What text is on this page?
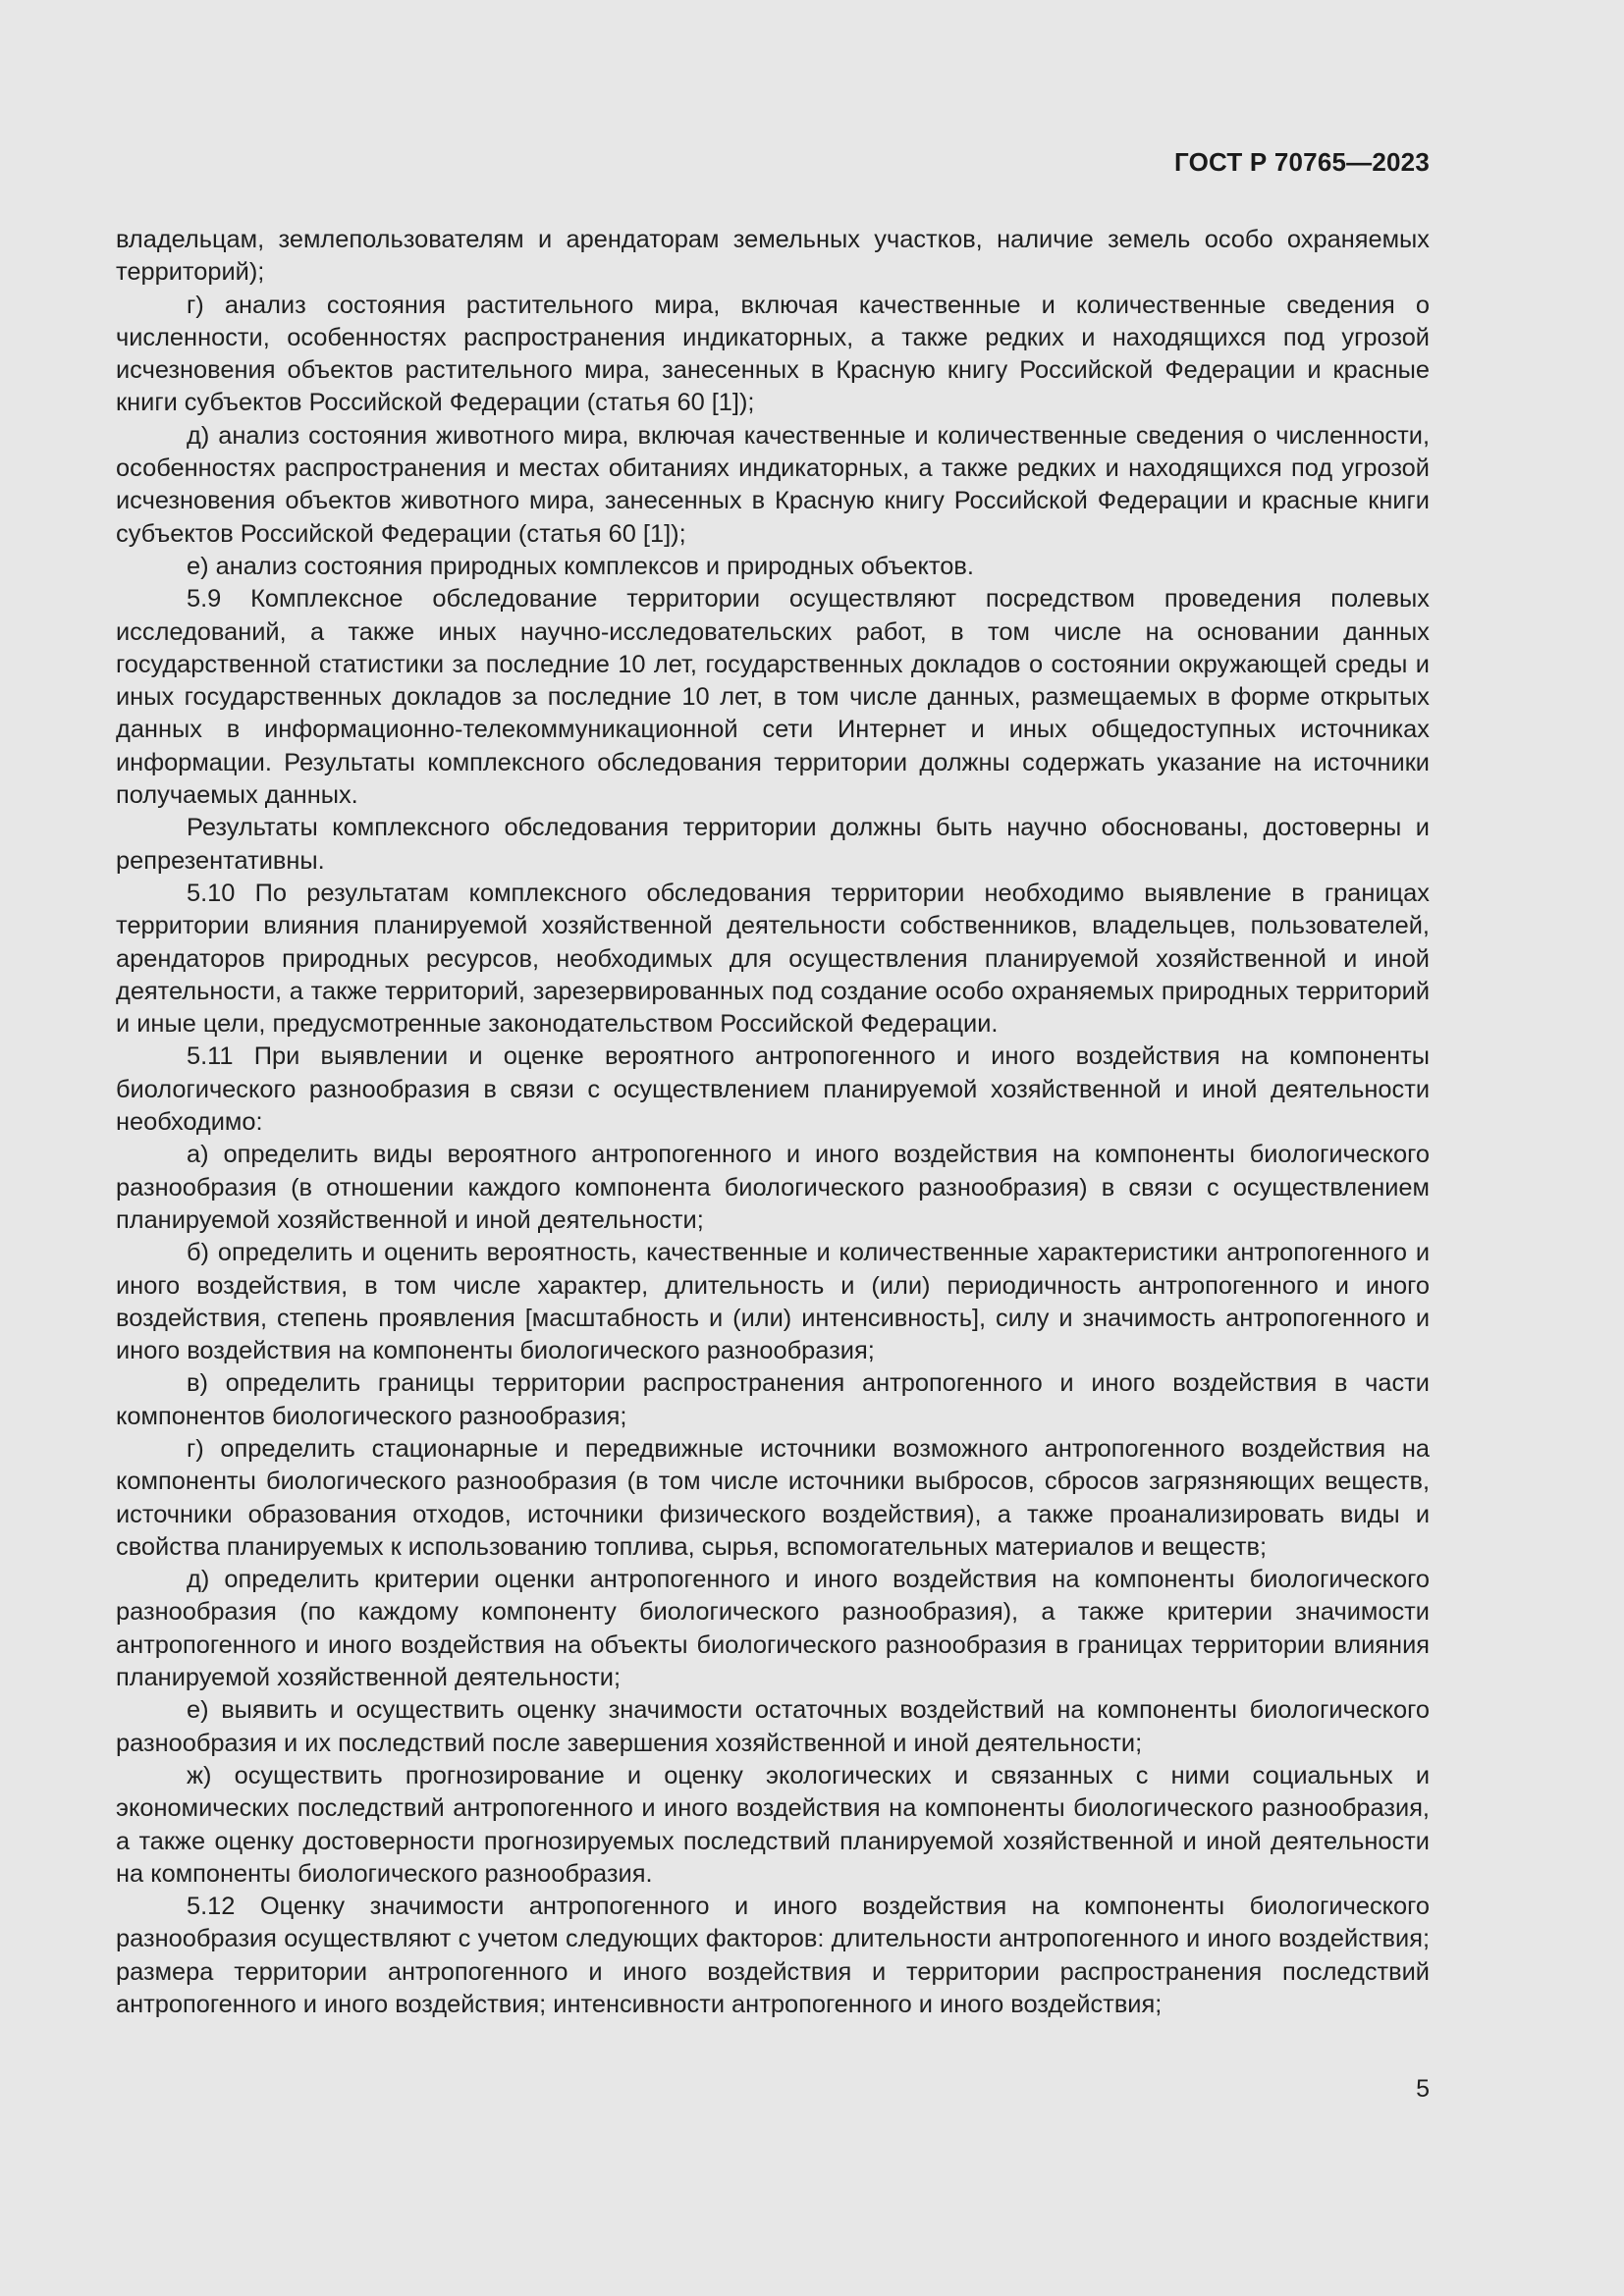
ГОСТ Р 70765—2023

владельцам, землепользователям и арендаторам земельных участков, наличие земель особо охраняемых территорий);

г) анализ состояния растительного мира, включая качественные и количественные сведения о численности, особенностях распространения индикаторных, а также редких и находящихся под угрозой исчезновения объектов растительного мира, занесенных в Красную книгу Российской Федерации и красные книги субъектов Российской Федерации (статья 60 [1]);

д) анализ состояния животного мира, включая качественные и количественные сведения о численности, особенностях распространения и местах обитаниях индикаторных, а также редких и находящихся под угрозой исчезновения объектов животного мира, занесенных в Красную книгу Российской Федерации и красные книги субъектов Российской Федерации (статья 60 [1]);

е) анализ состояния природных комплексов и природных объектов.

5.9 Комплексное обследование территории осуществляют посредством проведения полевых исследований, а также иных научно-исследовательских работ, в том числе на основании данных государственной статистики за последние 10 лет, государственных докладов о состоянии окружающей среды и иных государственных докладов за последние 10 лет, в том числе данных, размещаемых в форме открытых данных в информационно-телекоммуникационной сети Интернет и иных общедоступных источниках информации. Результаты комплексного обследования территории должны содержать указание на источники получаемых данных.

Результаты комплексного обследования территории должны быть научно обоснованы, достоверны и репрезентативны.

5.10 По результатам комплексного обследования территории необходимо выявление в границах территории влияния планируемой хозяйственной деятельности собственников, владельцев, пользователей, арендаторов природных ресурсов, необходимых для осуществления планируемой хозяйственной и иной деятельности, а также территорий, зарезервированных под создание особо охраняемых природных территорий и иные цели, предусмотренные законодательством Российской Федерации.

5.11 При выявлении и оценке вероятного антропогенного и иного воздействия на компоненты биологического разнообразия в связи с осуществлением планируемой хозяйственной и иной деятельности необходимо:

а) определить виды вероятного антропогенного и иного воздействия на компоненты биологического разнообразия (в отношении каждого компонента биологического разнообразия) в связи с осуществлением планируемой хозяйственной и иной деятельности;

б) определить и оценить вероятность, качественные и количественные характеристики антропогенного и иного воздействия, в том числе характер, длительность и (или) периодичность антропогенного и иного воздействия, степень проявления [масштабность и (или) интенсивность], силу и значимость антропогенного и иного воздействия на компоненты биологического разнообразия;

в) определить границы территории распространения антропогенного и иного воздействия в части компонентов биологического разнообразия;

г) определить стационарные и передвижные источники возможного антропогенного воздействия на компоненты биологического разнообразия (в том числе источники выбросов, сбросов загрязняющих веществ, источники образования отходов, источники физического воздействия), а также проанализировать виды и свойства планируемых к использованию топлива, сырья, вспомогательных материалов и веществ;

д) определить критерии оценки антропогенного и иного воздействия на компоненты биологического разнообразия (по каждому компоненту биологического разнообразия), а также критерии значимости антропогенного и иного воздействия на объекты биологического разнообразия в границах территории влияния планируемой хозяйственной деятельности;

е) выявить и осуществить оценку значимости остаточных воздействий на компоненты биологического разнообразия и их последствий после завершения хозяйственной и иной деятельности;

ж) осуществить прогнозирование и оценку экологических и связанных с ними социальных и экономических последствий антропогенного и иного воздействия на компоненты биологического разнообразия, а также оценку достоверности прогнозируемых последствий планируемой хозяйственной и иной деятельности на компоненты биологического разнообразия.

5.12 Оценку значимости антропогенного и иного воздействия на компоненты биологического разнообразия осуществляют с учетом следующих факторов: длительности антропогенного и иного воздействия; размера территории антропогенного и иного воздействия и территории распространения последствий антропогенного и иного воздействия; интенсивности антропогенного и иного воздействия;

5
